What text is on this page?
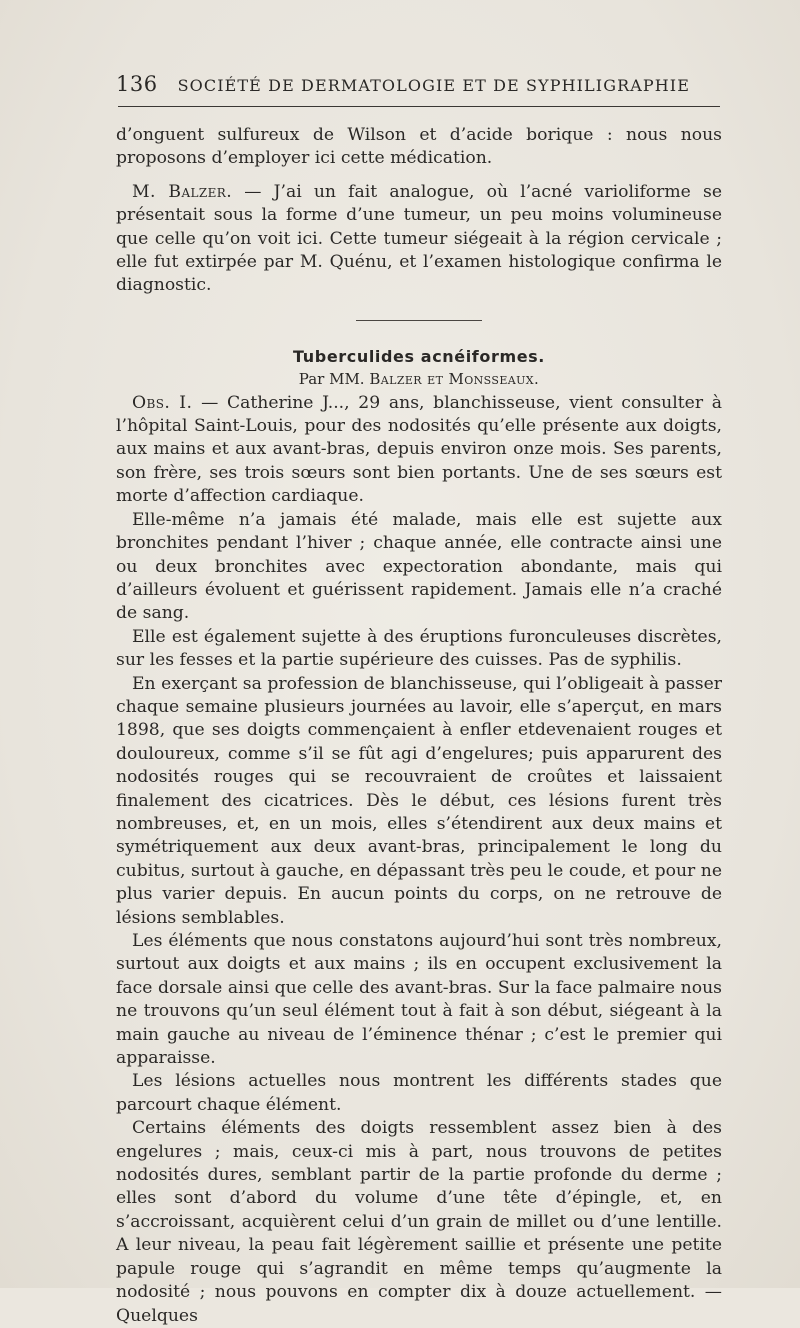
136 SOCIÉTÉ DE DERMATOLOGIE ET DE SYPHILIGRAPHIE

d’onguent sulfureux de Wilson et d’acide borique : nous nous proposons d’employer ici cette médication.

M. Balzer. — J’ai un fait analogue, où l’acné varioliforme se présentait sous la forme d’une tumeur, un peu moins volumineuse que celle qu’on voit ici. Cette tumeur siégeait à la région cervicale ; elle fut extirpée par M. Quénu, et l’examen histologique confirma le diagnostic.

Tuberculides acnéiformes.

Par MM. Balzer et Monsseaux.

Obs. I. — Catherine J..., 29 ans, blanchisseuse, vient consulter à l’hôpital Saint-Louis, pour des nodosités qu’elle présente aux doigts, aux mains et aux avant-bras, depuis environ onze mois. Ses parents, son frère, ses trois sœurs sont bien portants. Une de ses sœurs est morte d’affection cardiaque.

Elle-même n’a jamais été malade, mais elle est sujette aux bronchites pendant l’hiver ; chaque année, elle contracte ainsi une ou deux bronchites avec expectoration abondante, mais qui d’ailleurs évoluent et guérissent rapidement. Jamais elle n’a craché de sang.

Elle est également sujette à des éruptions furonculeuses discrètes, sur les fesses et la partie supérieure des cuisses. Pas de syphilis.

En exerçant sa profession de blanchisseuse, qui l’obligeait à passer chaque semaine plusieurs journées au lavoir, elle s’aperçut, en mars 1898, que ses doigts commençaient à enfler etdevenaient rouges et douloureux, comme s’il se fût agi d’engelures; puis apparurent des nodosités rouges qui se recouvraient de croûtes et laissaient finalement des cicatrices. Dès le début, ces lésions furent très nombreuses, et, en un mois, elles s’étendirent aux deux mains et symétriquement aux deux avant-bras, principalement le long du cubitus, surtout à gauche, en dépassant très peu le coude, et pour ne plus varier depuis. En aucun points du corps, on ne retrouve de lésions semblables.

Les éléments que nous constatons aujourd’hui sont très nombreux, surtout aux doigts et aux mains ; ils en occupent exclusivement la face dorsale ainsi que celle des avant-bras. Sur la face palmaire nous ne trouvons qu’un seul élément tout à fait à son début, siégeant à la main gauche au niveau de l’éminence thénar ; c’est le premier qui apparaisse.

Les lésions actuelles nous montrent les différents stades que parcourt chaque élément.

Certains éléments des doigts ressemblent assez bien à des engelures ; mais, ceux-ci mis à part, nous trouvons de petites nodosités dures, semblant partir de la partie profonde du derme ; elles sont d’abord du volume d’une tête d’épingle, et, en s’accroissant, acquièrent celui d’un grain de millet ou d’une lentille. A leur niveau, la peau fait légèrement saillie et présente une petite papule rouge qui s’agrandit en même temps qu’augmente la nodosité ; nous pouvons en compter dix à douze actuellement. — Quelques
